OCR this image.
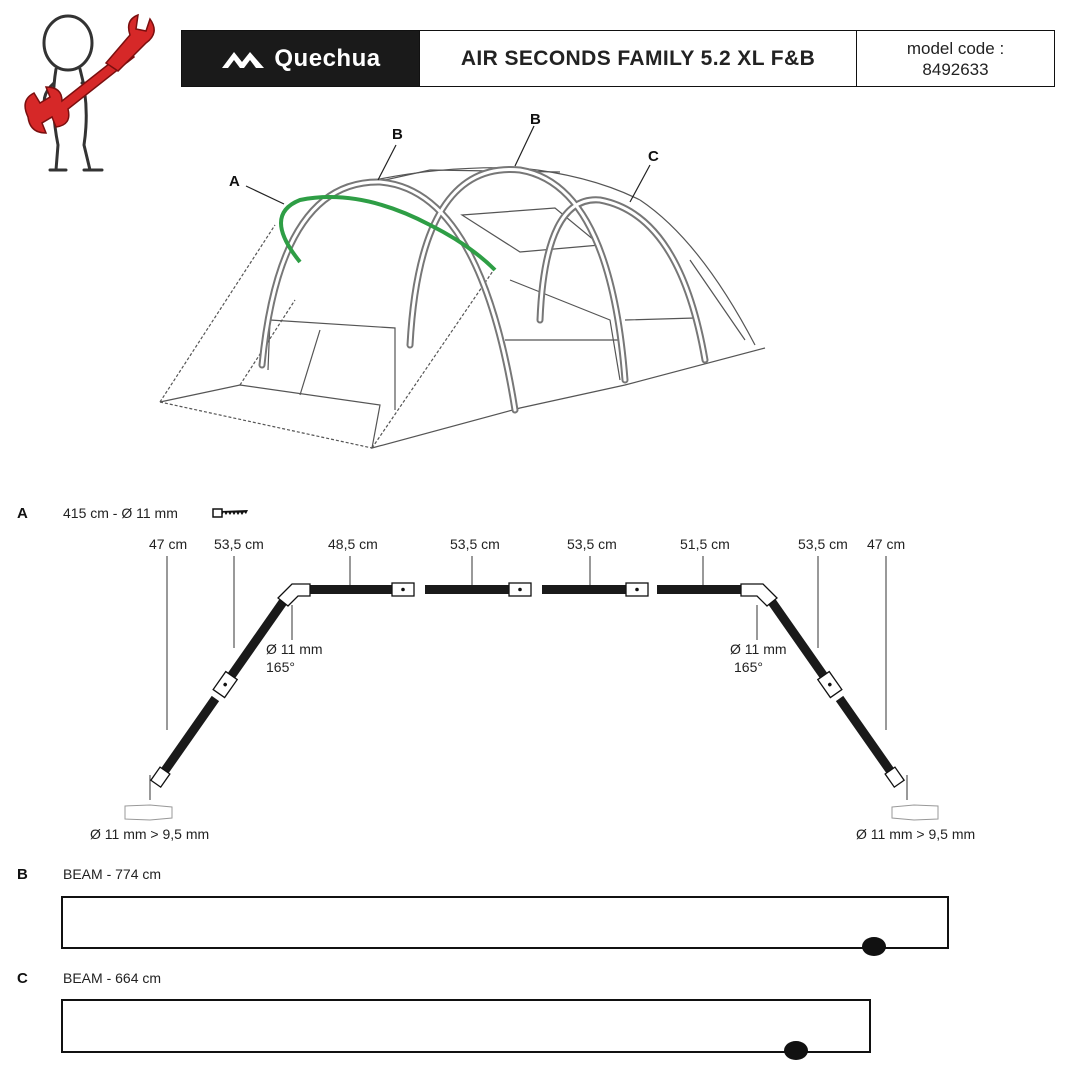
Quechua	AIR SECONDS FAMILY 5.2 XL F&B	model code :
8492633
A
B
B
C
A	415 cm - Ø 11 mm
47 cm 53,5 cm	48,5 cm	53,5 cm	53,5 cm	51,5 cm	53,5 cm 47 cm
Ø 11 mm
165°
Ø 11 mm
165°
Ø 11 mm > 9,5 mm	Ø 11 mm > 9,5 mm
B	BEAM - 774 cm
C	BEAM - 664 cm
